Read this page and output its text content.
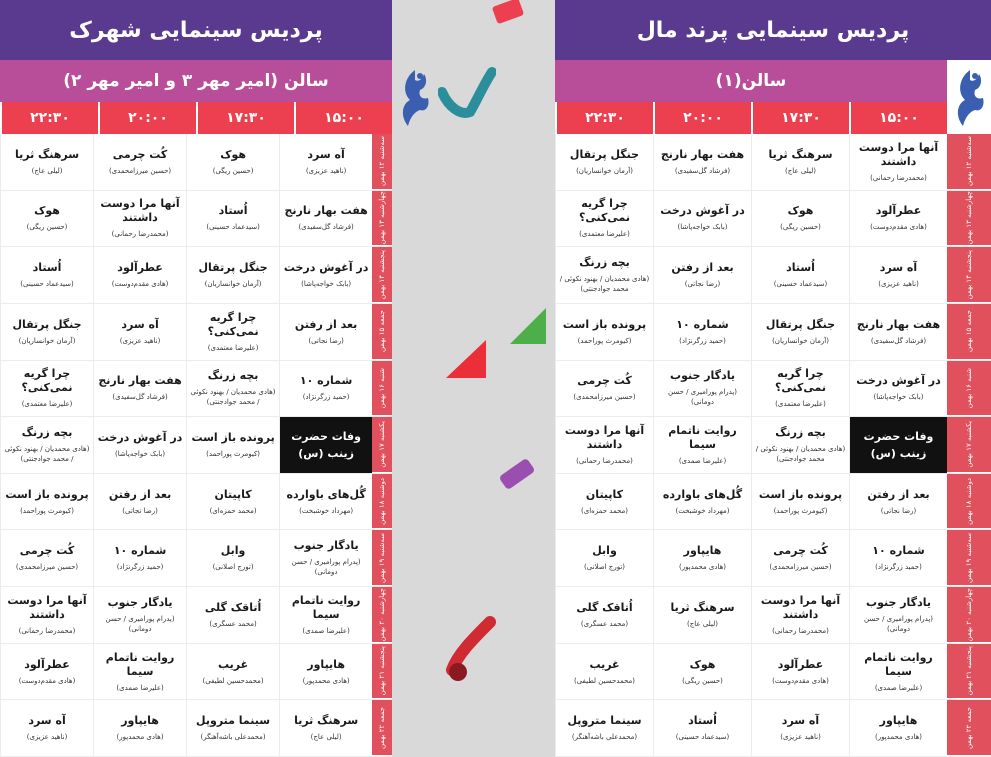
پردیس سینمایی پرند مال
سالن(۱)
۱۵:۰۰
۱۷:۳۰
۲۰:۰۰
۲۲:۳۰
سه‌شنبه ۱۲ بهمن
آنها مرا دوست داشتند
(محمدرضا رحمانی)
سرهنگ ثریا
(لیلی عاج)
هفت بهار نارنج
(فرشاد گل‌سفیدی)
جنگل پرتقال
(آرمان خوانساریان)
چهارشنبه ۱۳ بهمن
عطرآلود
(هادی مقدم‌دوست)
هوک
(حسین ریگی)
در آغوش درخت
(بابک خواجه‌پاشا)
چرا گریه نمی‌کنی؟
(علیرضا معتمدی)
پنجشنبه ۱۴ بهمن
آه سرد
(ناهید عزیزی)
اُستاد
(سیدعماد حسینی)
بعد از رفتن
(رضا نجاتی)
بچه زرنگ
(هادی محمدیان / بهنود نکوئی / محمد جوادجنتی)
جمعه ۱۵ بهمن
هفت بهار نارنج
(فرشاد گل‌سفیدی)
جنگل پرتقال
(آرمان خوانساریان)
شماره ۱۰
(حمید زرگرنژاد)
پرونده باز است
(کیومرث پوراحمد)
شنبه ۱۶ بهمن
در آغوش درخت
(بابک خواجه‌پاشا)
چرا گریه نمی‌کنی؟
(علیرضا معتمدی)
یادگار جنوب
(پدرام پورامیری / حسن دومانی)
کُت چرمی
(حسین میرزامحمدی)
یکشنبه ۱۷ بهمن
وفات حضرت زینب (س)
بچه زرنگ
(هادی محمدیان / بهنود نکوئی / محمد جوادجنتی)
روایت ناتمام سیما
(علیرضا صمدی)
آنها مرا دوست داشتند
(محمدرضا رحمانی)
دوشنبه ۱۸ بهمن
بعد از رفتن
(رضا نجاتی)
پرونده باز است
(کیومرث پوراحمد)
گُل‌های باوارده
(مهرداد خوشبخت)
کاپیتان
(محمد حمزه‌ای)
سه‌شنبه ۱۹ بهمن
شماره ۱۰
(حمید زرگرنژاد)
کُت چرمی
(حسین میرزامحمدی)
هایپاور
(هادی محمدپور)
وابل
(تورج اصلانی)
چهارشنبه ۲۰ بهمن
یادگار جنوب
(پدرام پورامیری / حسن دومانی)
آنها مرا دوست داشتند
(محمدرضا رحمانی)
سرهنگ ثریا
(لیلی عاج)
اُتاقک گلی
(محمد عسگری)
پنجشنبه ۲۱ بهمن
روایت ناتمام سیما
(علیرضا صمدی)
عطرآلود
(هادی مقدم‌دوست)
هوک
(حسین ریگی)
غریب
(محمدحسین لطیفی)
جمعه ۲۲ بهمن
هایپاور
(هادی محمدپور)
آه سرد
(ناهید عزیزی)
اُستاد
(سیدعماد حسینی)
سینما متروپل
(محمدعلی باشه‌آهنگر)
پردیس سینمایی شهرک
سالن (امیر مهر ۳ و امیر مهر ۲)
۱۵:۰۰
۱۷:۳۰
۲۰:۰۰
۲۲:۳۰
سه‌شنبه ۱۲ بهمن
آه سرد
(ناهید عزیزی)
هوک
(حسین ریگی)
کُت چرمی
(حسین میرزامحمدی)
سرهنگ ثریا
(لیلی عاج)
چهارشنبه ۱۳ بهمن
هفت بهار نارنج
(فرشاد گل‌سفیدی)
اُستاد
(سیدعماد حسینی)
آنها مرا دوست داشتند
(محمدرضا رحمانی)
هوک
(حسین ریگی)
پنجشنبه ۱۴ بهمن
در آغوش درخت
(بابک خواجه‌پاشا)
جنگل پرتقال
(آرمان خوانساریان)
عطرآلود
(هادی مقدم‌دوست)
اُستاد
(سیدعماد حسینی)
جمعه ۱۵ بهمن
بعد از رفتن
(رضا نجاتی)
چرا گریه نمی‌کنی؟
(علیرضا معتمدی)
آه سرد
(ناهید عزیزی)
جنگل پرتقال
(آرمان خوانساریان)
شنبه ۱۶ بهمن
شماره ۱۰
(حمید زرگرنژاد)
بچه زرنگ
(هادی محمدیان / بهنود نکوئی / محمد جوادجنتی)
هفت بهار نارنج
(فرشاد گل‌سفیدی)
چرا گریه نمی‌کنی؟
(علیرضا معتمدی)
یکشنبه ۱۷ بهمن
وفات حضرت زینب (س)
پرونده باز است
(کیومرث پوراحمد)
در آغوش درخت
(بابک خواجه‌پاشا)
بچه زرنگ
(هادی محمدیان / بهنود نکوئی / محمد جوادجنتی)
دوشنبه ۱۸ بهمن
گُل‌های باوارده
(مهرداد خوشبخت)
کاپیتان
(محمد حمزه‌ای)
بعد از رفتن
(رضا نجاتی)
پرونده باز است
(کیومرث پوراحمد)
سه‌شنبه ۱۹ بهمن
یادگار جنوب
(پدرام پورامیری / حسن دومانی)
وابل
(تورج اصلانی)
شماره ۱۰
(حمید زرگرنژاد)
کُت چرمی
(حسین میرزامحمدی)
چهارشنبه ۲۰ بهمن
روایت ناتمام سیما
(علیرضا صمدی)
اُتاقک گلی
(محمد عسگری)
یادگار جنوب
(پدرام پورامیری / حسن دومانی)
آنها مرا دوست داشتند
(محمدرضا رحمانی)
پنجشنبه ۲۱ بهمن
هایپاور
(هادی محمدپور)
غریب
(محمدحسین لطیفی)
روایت ناتمام سیما
(علیرضا صمدی)
عطرآلود
(هادی مقدم‌دوست)
جمعه ۲۲ بهمن
سرهنگ ثریا
(لیلی عاج)
سینما متروپل
(محمدعلی باشه‌آهنگر)
هایپاور
(هادی محمدپور)
آه سرد
(ناهید عزیزی)
